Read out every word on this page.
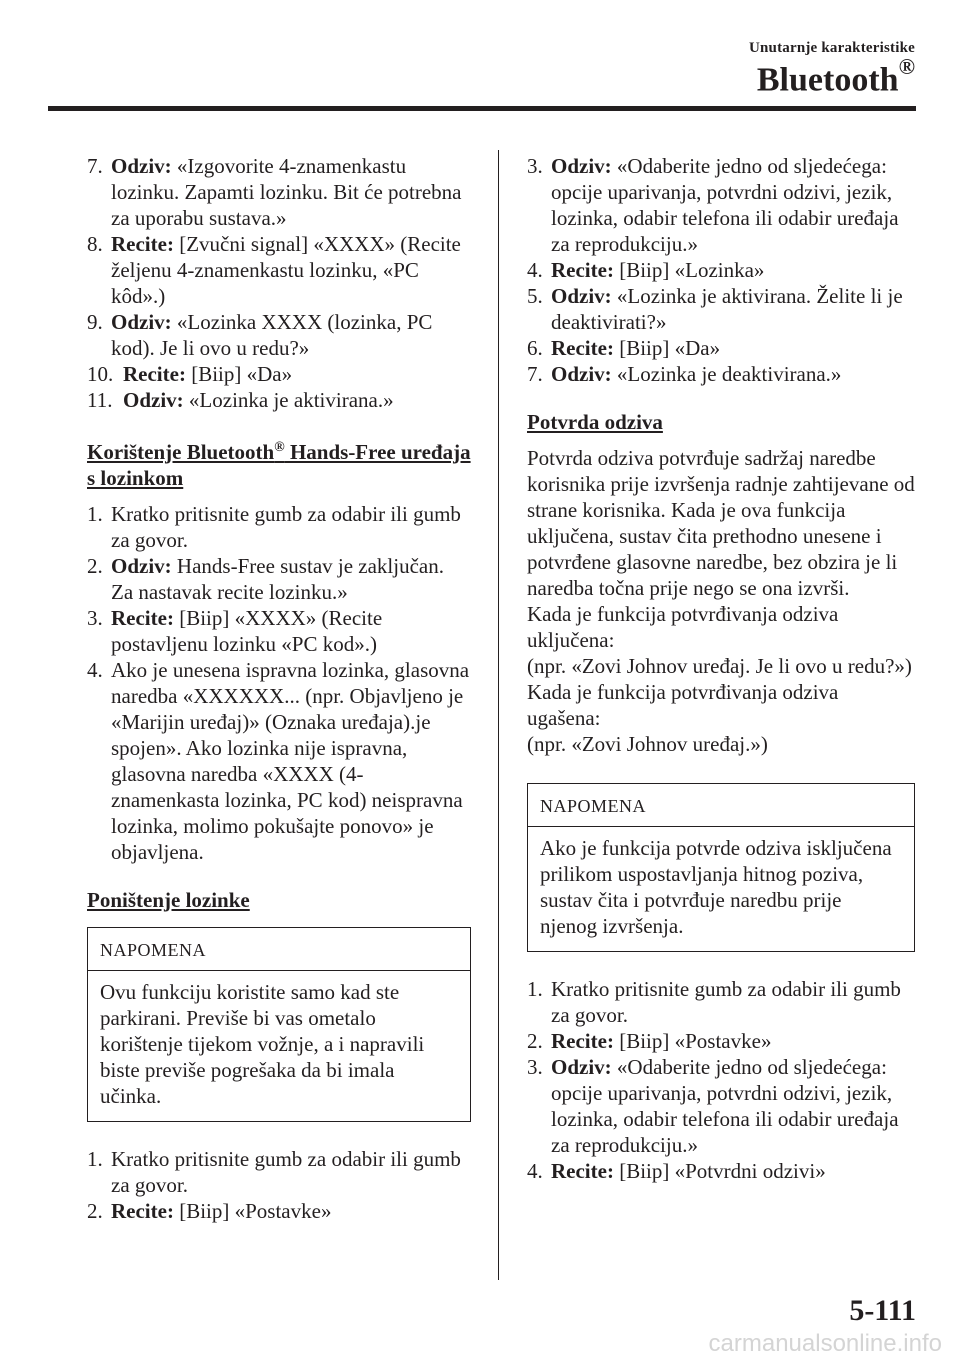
Unutarnje karakteristike
Bluetooth®
7. Odziv: «Izgovorite 4-znamenkastu lozinku. Zapamti lozinku. Bit će potrebna za uporabu sustava.»
8. Recite: [Zvučni signal] «XXXX» (Recite željenu 4-znamenkastu lozinku, «PC kôd».)
9. Odziv: «Lozinka XXXX (lozinka, PC kod). Je li ovo u redu?»
10. Recite: [Biip] «Da»
11. Odziv: «Lozinka je aktivirana.»
Korištenje Bluetooth® Hands-Free uređaja s lozinkom
1. Kratko pritisnite gumb za odabir ili gumb za govor.
2. Odziv: Hands-Free sustav je zaključan. Za nastavak recite lozinku.»
3. Recite: [Biip] «XXXX» (Recite postavljenu lozinku «PC kod».)
4. Ako je unesena ispravna lozinka, glasovna naredba «XXXXXX... (npr. Objavljeno je «Marijin uređaj)» (Oznaka uređaja).je spojen». Ako lozinka nije ispravna, glasovna naredba «XXXX (4-znamenkasta lozinka, PC kod) neispravna lozinka, molimo pokušajte ponovo» je objavljena.
Poništenje lozinke
NAPOMENA
Ovu funkciju koristite samo kad ste parkirani. Previše bi vas ometalo korištenje tijekom vožnje, a i napravili biste previše pogrešaka da bi imala učinka.
1. Kratko pritisnite gumb za odabir ili gumb za govor.
2. Recite: [Biip] «Postavke»
3. Odziv: «Odaberite jedno od sljedećega: opcije uparivanja, potvrdni odzivi, jezik, lozinka, odabir telefona ili odabir uređaja za reprodukciju.»
4. Recite: [Biip] «Lozinka»
5. Odziv: «Lozinka je aktivirana. Želite li je deaktivirati?»
6. Recite: [Biip] «Da»
7. Odziv: «Lozinka je deaktivirana.»
Potvrda odziva

Potvrda odziva potvrđuje sadržaj naredbe korisnika prije izvršenja radnje zahtijevane od strane korisnika. Kada je ova funkcija uključena, sustav čita prethodno unesene i potvrđene glasovne naredbe, bez obzira je li naredba točna prije nego se ona izvrši.

Kada je funkcija potvrđivanja odziva uključena:

(npr. «Zovi Johnov uređaj. Je li ovo u redu?»)

Kada je funkcija potvrđivanja odziva ugašena:

(npr. «Zovi Johnov uređaj.»)

NAPOMENA
Ako je funkcija potvrde odziva isključena prilikom uspostavljanja hitnog poziva, sustav čita i potvrđuje naredbu prije njenog izvršenja.
1. Kratko pritisnite gumb za odabir ili gumb za govor.
2. Recite: [Biip] «Postavke»
3. Odziv: «Odaberite jedno od sljedećega: opcije uparivanja, potvrdni odzivi, jezik, lozinka, odabir telefona ili odabir uređaja za reprodukciju.»
4. Recite: [Biip] «Potvrdni odzivi»
5-111
carmanualsonline.info
